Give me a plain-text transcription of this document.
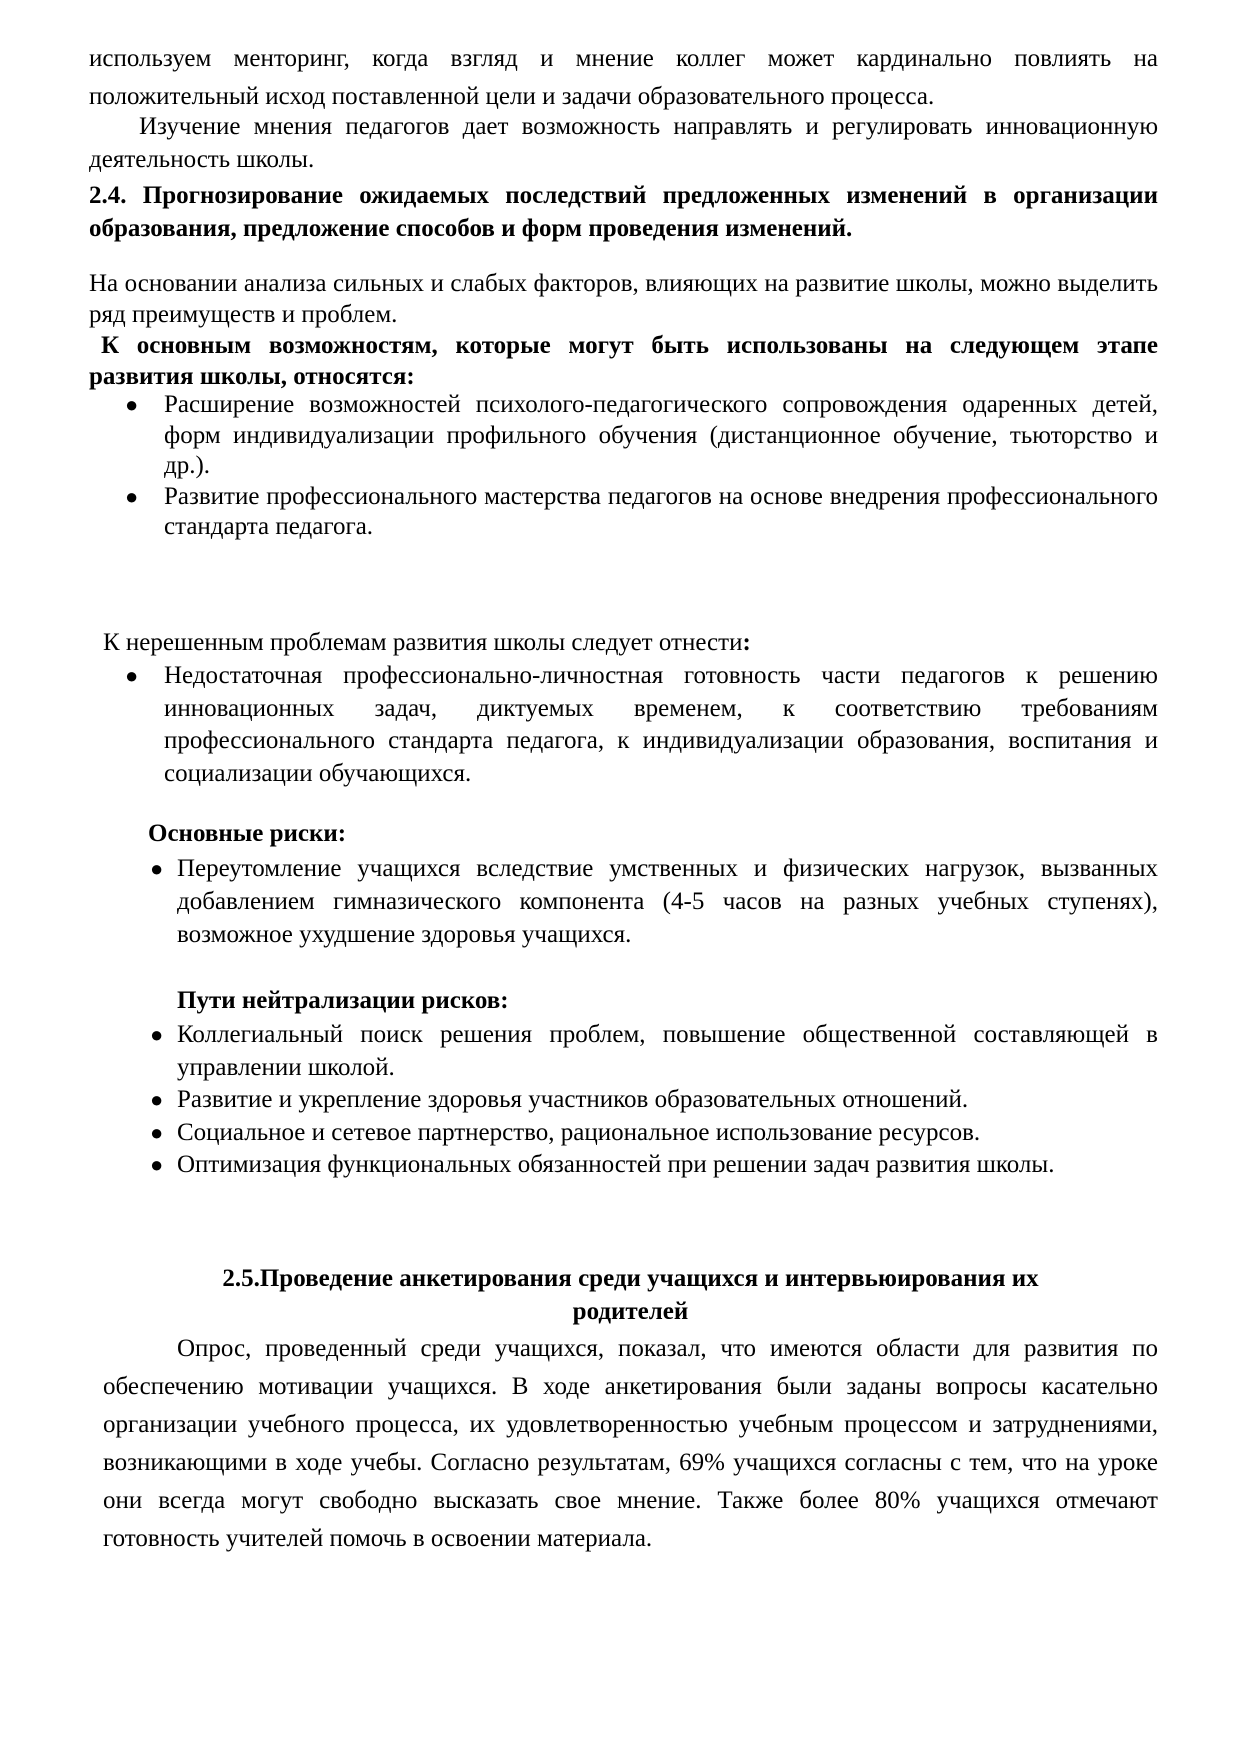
используем менторинг, когда взгляд и мнение коллег может кардинально повлиять на положительный исход поставленной цели и задачи образовательного процесса.

Изучение мнения педагогов дает возможность направлять и регулировать инновационную деятельность школы.

2.4. Прогнозирование ожидаемых последствий предложенных изменений в организации образования, предложение способов и форм проведения изменений.

На основании анализа сильных и слабых факторов, влияющих на развитие школы, можно выделить ряд преимуществ и проблем.

К основным возможностям, которые могут быть использованы на следующем этапе развития школы, относятся:

● Расширение возможностей психолого-педагогического сопровождения одаренных детей, форм индивидуализации профильного обучения (дистанционное обучение, тьюторство и др.).
● Развитие профессионального мастерства педагогов на основе внедрения профессионального стандарта педагога.

К нерешенным проблемам развития школы следует отнести:

● Недостаточная профессионально-личностная готовность части педагогов к решению инновационных задач, диктуемых временем, к соответствию требованиям профессионального стандарта педагога, к индивидуализации образования, воспитания и социализации обучающихся.

Основные риски:

● Переутомление учащихся вследствие умственных и физических нагрузок, вызванных добавлением гимназического компонента (4-5 часов на разных учебных ступенях), возможное ухудшение здоровья учащихся.

Пути нейтрализации рисков:

● Коллегиальный поиск решения проблем, повышение общественной составляющей в управлении школой.
● Развитие и укрепление здоровья участников образовательных отношений.
● Социальное и сетевое партнерство, рациональное использование ресурсов.
● Оптимизация функциональных обязанностей при решении задач развития школы.
2.5.Проведение анкетирования среди учащихся и интервьюирования их
родителей

Опрос, проведенный среди учащихся, показал, что имеются области для развития по обеспечению мотивации учащихся. В ходе анкетирования были заданы вопросы касательно организации учебного процесса, их удовлетворенностью учебным процессом и затруднениями, возникающими в ходе учебы. Согласно результатам, 69% учащихся согласны с тем, что на уроке они всегда могут свободно высказать свое мнение. Также более 80% учащихся отмечают готовность учителей помочь в освоении материала.
